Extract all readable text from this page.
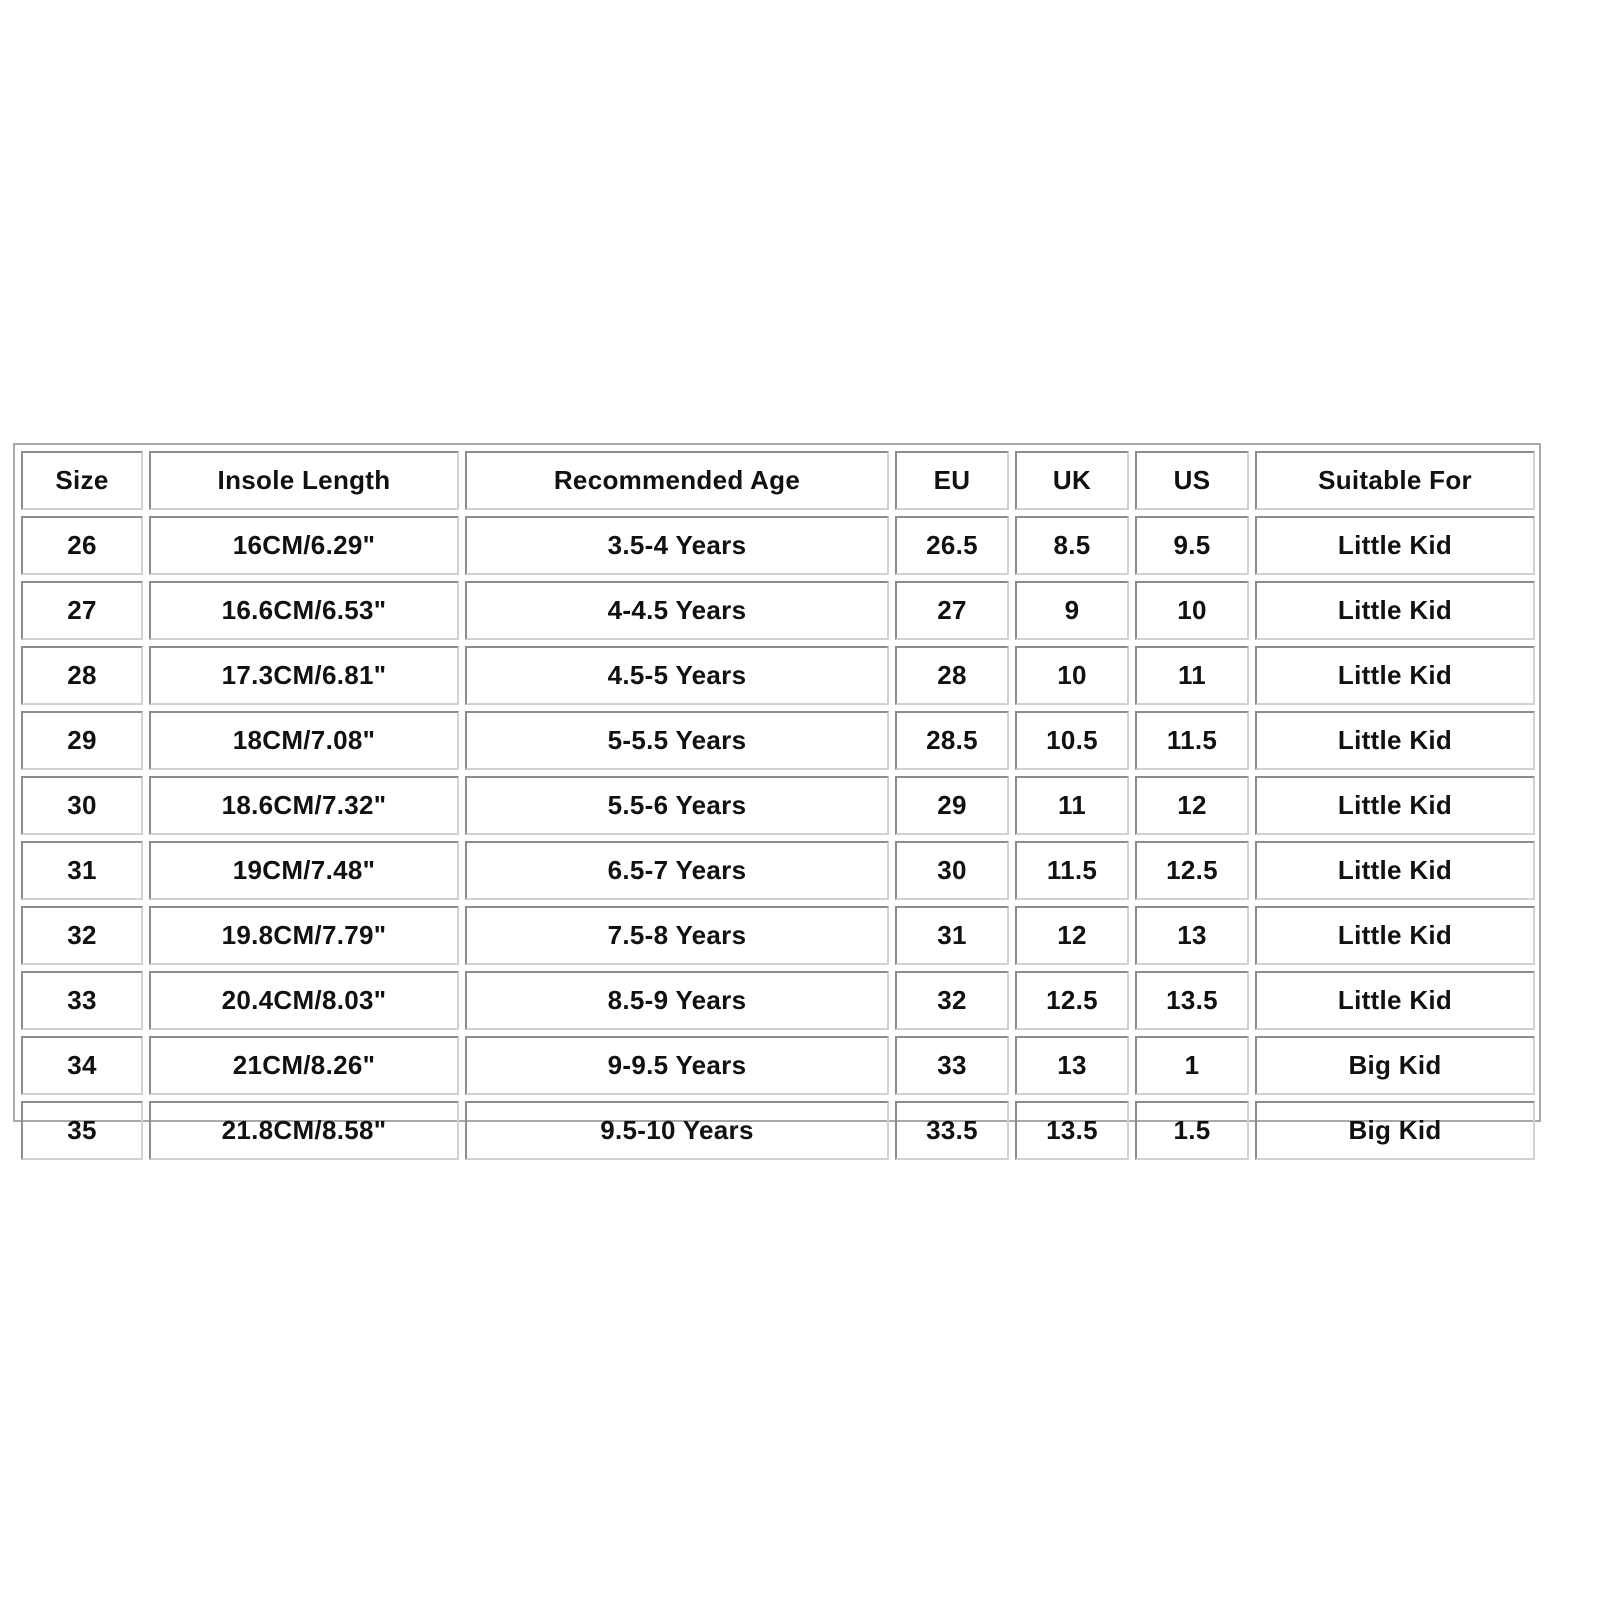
Size	Insole Length	Recommended Age	EU	UK	US	Suitable For
26	16CM/6.29"	3.5-4 Years	26.5	8.5	9.5	Little Kid
27	16.6CM/6.53"	4-4.5 Years	27	9	10	Little Kid
28	17.3CM/6.81"	4.5-5 Years	28	10	11	Little Kid
29	18CM/7.08"	5-5.5 Years	28.5	10.5	11.5	Little Kid
30	18.6CM/7.32"	5.5-6 Years	29	11	12	Little Kid
31	19CM/7.48"	6.5-7 Years	30	11.5	12.5	Little Kid
32	19.8CM/7.79"	7.5-8 Years	31	12	13	Little Kid
33	20.4CM/8.03"	8.5-9 Years	32	12.5	13.5	Little Kid
34	21CM/8.26"	9-9.5 Years	33	13	1	Big Kid
35	21.8CM/8.58"	9.5-10 Years	33.5	13.5	1.5	Big Kid
